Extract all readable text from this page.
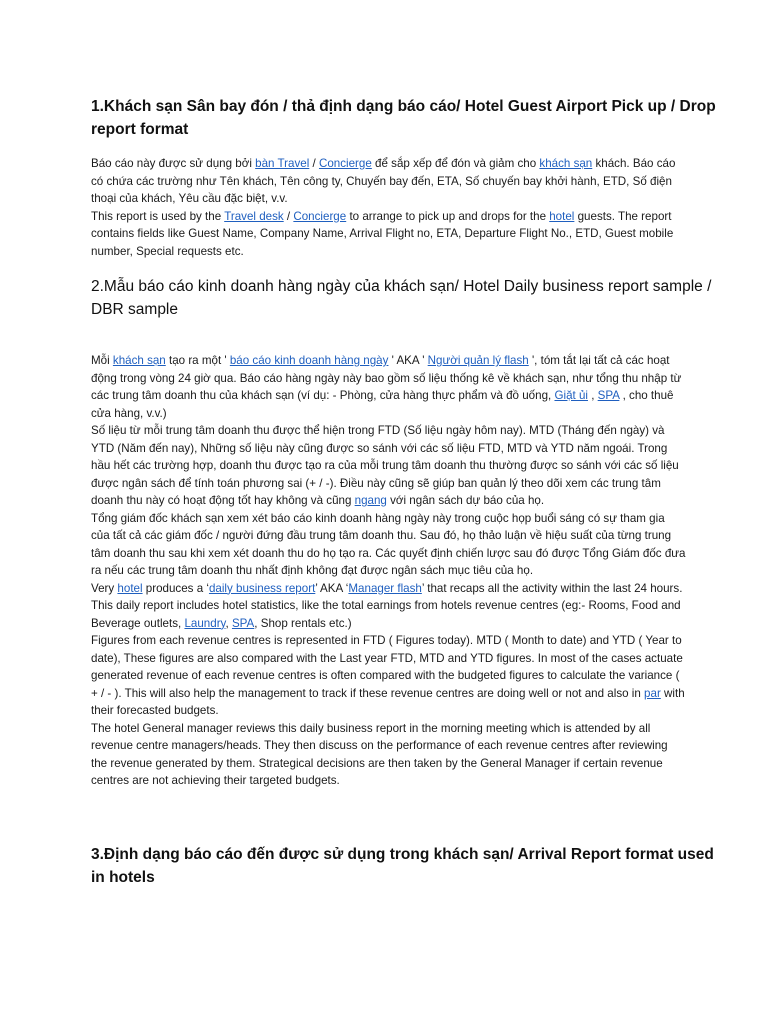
1.Khách sạn Sân bay đón / thả định dạng báo cáo/ Hotel Guest Airport Pick up / Drop report format

Báo cáo này được sử dụng bởi bàn Travel / Concierge để sắp xếp để đón và giảm cho khách sạn khách. Báo cáo có chứa các trường như Tên khách, Tên công ty, Chuyến bay đến, ETA, Số chuyến bay khởi hành, ETD, Số điện thoại của khách, Yêu cầu đặc biệt, v.v.

This report is used by the Travel desk / Concierge to arrange to pick up and drops for the hotel guests. The report contains fields like Guest Name, Company Name, Arrival Flight no, ETA, Departure Flight No., ETD, Guest mobile number, Special requests etc.

2.Mẫu báo cáo kinh doanh hàng ngày của khách sạn/ Hotel Daily business report sample / DBR sample

Mỗi khách sạn tạo ra một ' báo cáo kinh doanh hàng ngày ' AKA ' Người quản lý flash ', tóm tắt lại tất cả các hoạt động trong vòng 24 giờ qua. Báo cáo hàng ngày này bao gồm số liệu thống kê về khách sạn, như tổng thu nhập từ các trung tâm doanh thu của khách sạn (ví dụ: - Phòng, cửa hàng thực phẩm và đồ uống, Giặt ủi , SPA , cho thuê cửa hàng, v.v.)

Số liệu từ mỗi trung tâm doanh thu được thể hiện trong FTD (Số liệu ngày hôm nay). MTD (Tháng đến ngày) và YTD (Năm đến nay), Những số liệu này cũng được so sánh với các số liệu FTD, MTD và YTD năm ngoái. Trong hầu hết các trường hợp, doanh thu được tạo ra của mỗi trung tâm doanh thu thường được so sánh với các số liệu được ngân sách để tính toán phương sai (+ / -). Điều này cũng sẽ giúp ban quản lý theo dõi xem các trung tâm doanh thu này có hoạt động tốt hay không và cũng ngang với ngân sách dự báo của họ.

Tổng giám đốc khách sạn xem xét báo cáo kinh doanh hàng ngày này trong cuộc họp buổi sáng có sự tham gia của tất cả các giám đốc / người đứng đầu trung tâm doanh thu. Sau đó, họ thảo luận về hiệu suất của từng trung tâm doanh thu sau khi xem xét doanh thu do họ tạo ra. Các quyết định chiến lược sau đó được Tổng Giám đốc đưa ra nếu các trung tâm doanh thu nhất định không đạt được ngân sách mục tiêu của họ.

Very hotel produces a ‘daily business report’ AKA ‘Manager flash’ that recaps all the activity within the last 24 hours. This daily report includes hotel statistics, like the total earnings from hotels revenue centres (eg:- Rooms, Food and Beverage outlets, Laundry, SPA, Shop rentals etc.)

Figures from each revenue centres is represented in FTD ( Figures today). MTD ( Month to date) and YTD ( Year to date), These figures are also compared with the Last year FTD, MTD and YTD figures. In most of the cases actuate generated revenue of each revenue centres is often compared with the budgeted figures to calculate the variance ( + / - ). This will also help the management to track if these revenue centres are doing well or not and also in par with their forecasted budgets.

The hotel General manager reviews this daily business report in the morning meeting which is attended by all revenue centre managers/heads. They then discuss on the performance of each revenue centres after reviewing the revenue generated by them. Strategical decisions are then taken by the General Manager if certain revenue centres are not achieving their targeted budgets.

3.Định dạng báo cáo đến được sử dụng trong khách sạn/ Arrival Report format used in hotels
